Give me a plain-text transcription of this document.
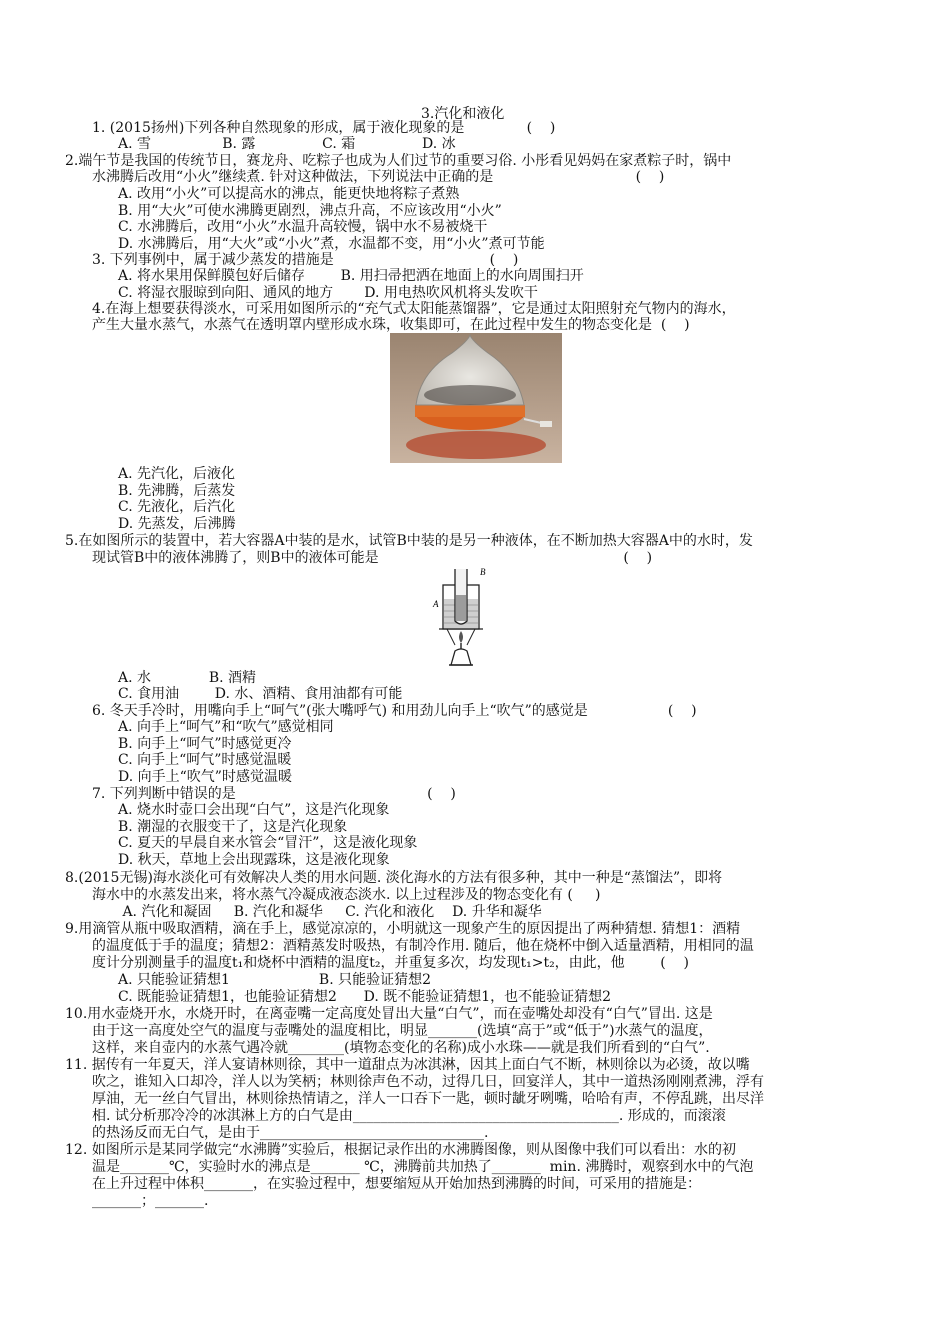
3.汽化和液化
1. (2015扬州)下列各种自然现象的形成，属于液化现象的是              (    )
A. 雪                B. 露               C. 霜               D. 冰
2.端午节是我国的传统节日，赛龙舟、吃粽子也成为人们过节的重要习俗. 小彤看见妈妈在家煮粽子时，锅中
水沸腾后改用“小火”继续煮. 针对这种做法，下列说法中正确的是                                (    )
A. 改用“小火”可以提高水的沸点，能更快地将粽子煮熟
B. 用“大火”可使水沸腾更剧烈，沸点升高，不应该改用“小火”
C. 水沸腾后，改用“小火”水温升高较慢，锅中水不易被烧干
D. 水沸腾后，用“大火”或“小火”煮，水温都不变，用“小火”煮可节能
3. 下列事例中，属于减少蒸发的措施是                                   (    )
A. 将水果用保鲜膜包好后储存        B. 用扫帚把洒在地面上的水向周围扫开
C. 将湿衣服晾到向阳、通风的地方       D. 用电热吹风机将头发吹干
4.在海上想要获得淡水，可采用如图所示的“充气式太阳能蒸馏器”，它是通过太阳照射充气物内的海水，
产生大量水蒸气，水蒸气在透明罩内壁形成水珠，收集即可，在此过程中发生的物态变化是  (    )
A. 先汽化，后液化
B. 先沸腾，后蒸发
C. 先液化，后汽化
D. 先蒸发，后沸腾
5.在如图所示的装置中，若大容器A中装的是水，试管B中装的是另一种液体，在不断加热大容器A中的水时，发
现试管B中的液体沸腾了，则B中的液体可能是                                                       (    )
A. 水             B. 酒精
C. 食用油        D. 水、酒精、食用油都有可能
6. 冬天手冷时，用嘴向手上“呵气”(张大嘴呼气) 和用劲儿向手上“吹气”的感觉是                  (    )
A. 向手上“呵气”和“吹气”感觉相同
B. 向手上“呵气”时感觉更冷
C. 向手上“呵气”时感觉温暖
D. 向手上“吹气”时感觉温暖
7. 下列判断中错误的是                                           (    )
A. 烧水时壶口会出现“白气”，这是汽化现象
B. 潮湿的衣服变干了，这是汽化现象
C. 夏天的早晨自来水管会“冒汗”，这是液化现象
D. 秋天，草地上会出现露珠，这是液化现象
8.(2015无锡)海水淡化可有效解决人类的用水问题. 淡化海水的方法有很多种，其中一种是“蒸馏法”，即将
海水中的水蒸发出来，将水蒸气冷凝成液态淡水. 以上过程涉及的物态变化有 (     )
A. 汽化和凝固     B. 汽化和凝华     C. 汽化和液化    D. 升华和凝华
9.用滴管从瓶中吸取酒精，滴在手上，感觉凉凉的，小明就这一现象产生的原因提出了两种猜想. 猜想1：酒精
的温度低于手的温度；猜想2：酒精蒸发时吸热，有制冷作用. 随后，他在烧杯中倒入适量酒精，用相同的温
度计分别测量手的温度t₁和烧杯中酒精的温度t₂，并重复多次，均发现t₁>t₂，由此，他        (    )
A. 只能验证猜想1                    B. 只能验证猜想2
C. 既能验证猜想1，也能验证猜想2      D. 既不能验证猜想1，也不能验证猜想2
10.用水壶烧开水，水烧开时，在离壶嘴一定高度处冒出大量“白气”，而在壶嘴处却没有“白气”冒出. 这是
由于这一高度处空气的温度与壶嘴处的温度相比，明显_______(选填“高于”或“低于”)水蒸气的温度，
这样，来自壶内的水蒸气遇冷就________(填物态变化的名称)成小水珠——就是我们所看到的“白气”.
11. 据传有一年夏天，洋人宴请林则徐，其中一道甜点为冰淇淋，因其上面白气不断，林则徐以为必烫，故以嘴
吹之，谁知入口却冷，洋人以为笑柄；林则徐声色不动，过得几日，回宴洋人，其中一道热汤刚刚煮沸，浮有
厚油，无一丝白气冒出，林则徐热情请之，洋人一口吞下一匙，顿时龇牙咧嘴，哈哈有声，不停乱跳，出尽洋
相. 试分析那冷冷的冰淇淋上方的白气是由______________________________________. 形成的，而滚滚
的热汤反而无白气，是由于________________________________.
12. 如图所示是某同学做完“水沸腾”实验后，根据记录作出的水沸腾图像，则从图像中我们可以看出：水的初
温是_______℃，实验时水的沸点是_______ ℃，沸腾前共加热了_______  min. 沸腾时，观察到水中的气泡
在上升过程中体积_______，在实验过程中，想要缩短从开始加热到沸腾的时间，可采用的措施是：
_______；_______.
B
A
